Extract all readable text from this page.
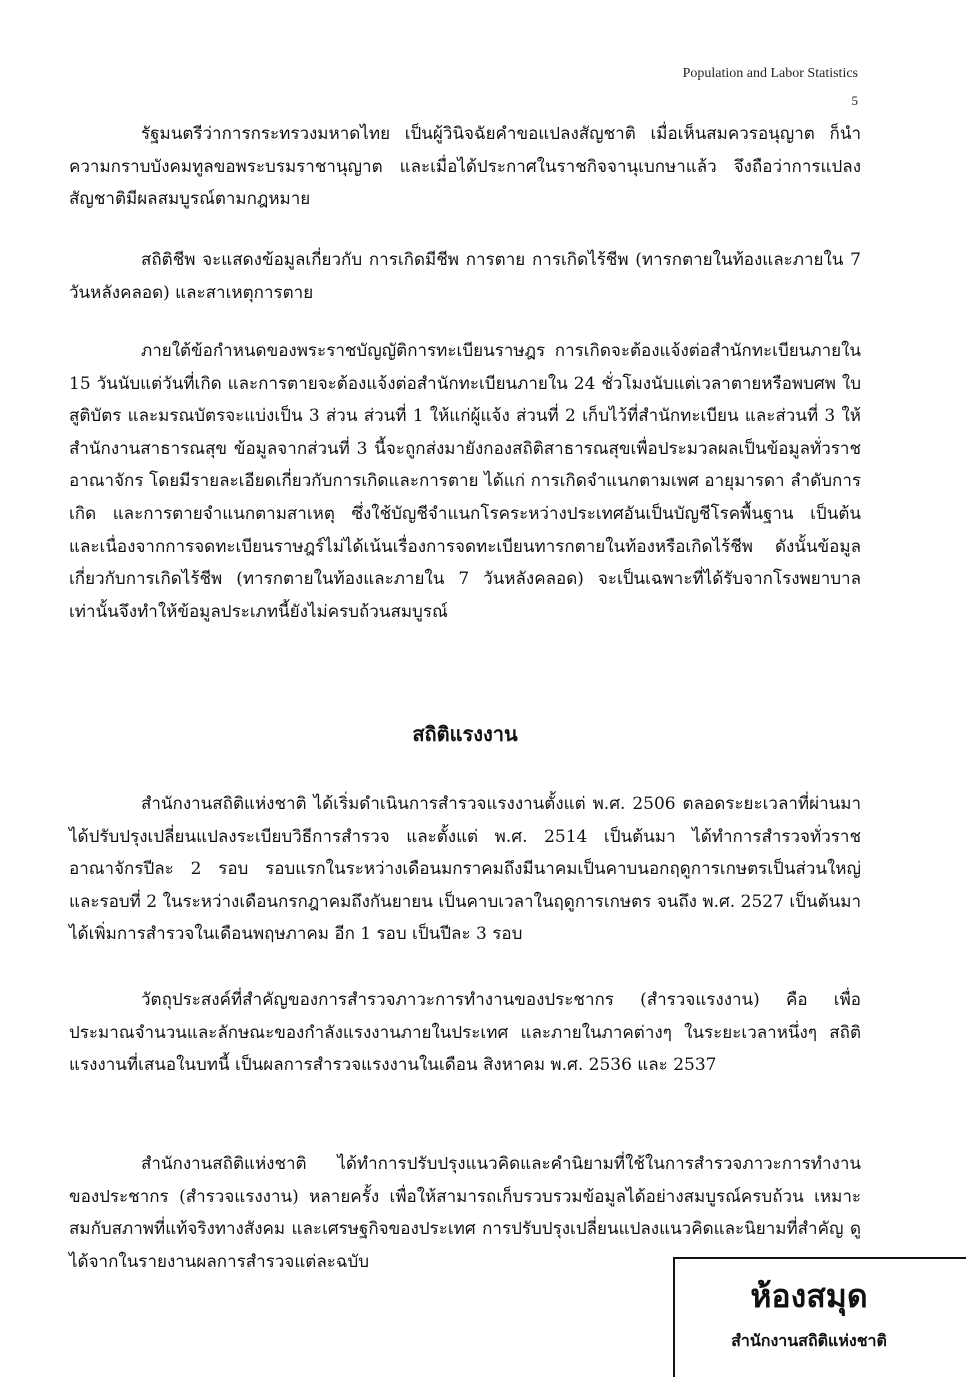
Population and Labor Statistics
5

รัฐมนตรีว่าการกระทรวงมหาดไทย เป็นผู้วินิจฉัยคำขอแปลงสัญชาติ เมื่อเห็นสมควรอนุญาต ก็นำความกราบบังคมทูลขอพระบรมราชานุญาต และเมื่อได้ประกาศในราชกิจจานุเบกษาแล้ว จึงถือว่าการแปลงสัญชาติมีผลสมบูรณ์ตามกฎหมาย

สถิติชีพ จะแสดงข้อมูลเกี่ยวกับ การเกิดมีชีพ การตาย การเกิดไร้ชีพ (ทารกตายในท้องและภายใน 7 วันหลังคลอด) และสาเหตุการตาย

ภายใต้ข้อกำหนดของพระราชบัญญัติการทะเบียนราษฎร การเกิดจะต้องแจ้งต่อสำนักทะเบียนภายใน 15 วันนับแต่วันที่เกิด และการตายจะต้องแจ้งต่อสำนักทะเบียนภายใน 24 ชั่วโมงนับแต่เวลาตายหรือพบศพ ใบสูติบัตร และมรณบัตรจะแบ่งเป็น 3 ส่วน ส่วนที่ 1 ให้แก่ผู้แจ้ง ส่วนที่ 2 เก็บไว้ที่สำนักทะเบียน และส่วนที่ 3 ให้สำนักงานสาธารณสุข ข้อมูลจากส่วนที่ 3 นี้จะถูกส่งมายังกองสถิติสาธารณสุขเพื่อประมวลผลเป็นข้อมูลทั่วราชอาณาจักร โดยมีรายละเอียดเกี่ยวกับการเกิดและการตาย ได้แก่ การเกิดจำแนกตามเพศ อายุมารดา ลำดับการเกิด และการตายจำแนกตามสาเหตุ ซึ่งใช้บัญชีจำแนกโรคระหว่างประเทศอันเป็นบัญชีโรคพื้นฐาน เป็นต้น และเนื่องจากการจดทะเบียนราษฎร์ไม่ได้เน้นเรื่องการจดทะเบียนทารกตายในท้องหรือเกิดไร้ชีพ ดังนั้นข้อมูลเกี่ยวกับการเกิดไร้ชีพ (ทารกตายในท้องและภายใน 7 วันหลังคลอด) จะเป็นเฉพาะที่ได้รับจากโรงพยาบาลเท่านั้นจึงทำให้ข้อมูลประเภทนี้ยังไม่ครบถ้วนสมบูรณ์

สถิติแรงงาน

สำนักงานสถิติแห่งชาติ ได้เริ่มดำเนินการสำรวจแรงงานตั้งแต่ พ.ศ. 2506 ตลอดระยะเวลาที่ผ่านมาได้ปรับปรุงเปลี่ยนแปลงระเบียบวิธีการสำรวจ และตั้งแต่ พ.ศ. 2514 เป็นต้นมา ได้ทำการสำรวจทั่วราชอาณาจักรปีละ 2 รอบ รอบแรกในระหว่างเดือนมกราคมถึงมีนาคมเป็นคาบนอกฤดูการเกษตรเป็นส่วนใหญ่ และรอบที่ 2 ในระหว่างเดือนกรกฎาคมถึงกันยายน เป็นคาบเวลาในฤดูการเกษตร จนถึง พ.ศ. 2527 เป็นต้นมาได้เพิ่มการสำรวจในเดือนพฤษภาคม อีก 1 รอบ เป็นปีละ 3 รอบ

วัตถุประสงค์ที่สำคัญของการสำรวจภาวะการทำงานของประชากร (สำรวจแรงงาน) คือ เพื่อประมาณจำนวนและลักษณะของกำลังแรงงานภายในประเทศ และภายในภาคต่างๆ ในระยะเวลาหนึ่งๆ สถิติแรงงานที่เสนอในบทนี้ เป็นผลการสำรวจแรงงานในเดือน สิงหาคม พ.ศ. 2536 และ 2537

สำนักงานสถิติแห่งชาติ ได้ทำการปรับปรุงแนวคิดและคำนิยามที่ใช้ในการสำรวจภาวะการทำงานของประชากร (สำรวจแรงงาน) หลายครั้ง เพื่อให้สามารถเก็บรวบรวมข้อมูลได้อย่างสมบูรณ์ครบถ้วน เหมาะสมกับสภาพที่แท้จริงทางสังคม และเศรษฐกิจของประเทศ การปรับปรุงเปลี่ยนแปลงแนวคิดและนิยามที่สำคัญ ดูได้จากในรายงานผลการสำรวจแต่ละฉบับ

ห้องสมุด
สำนักงานสถิติแห่งชาติ
